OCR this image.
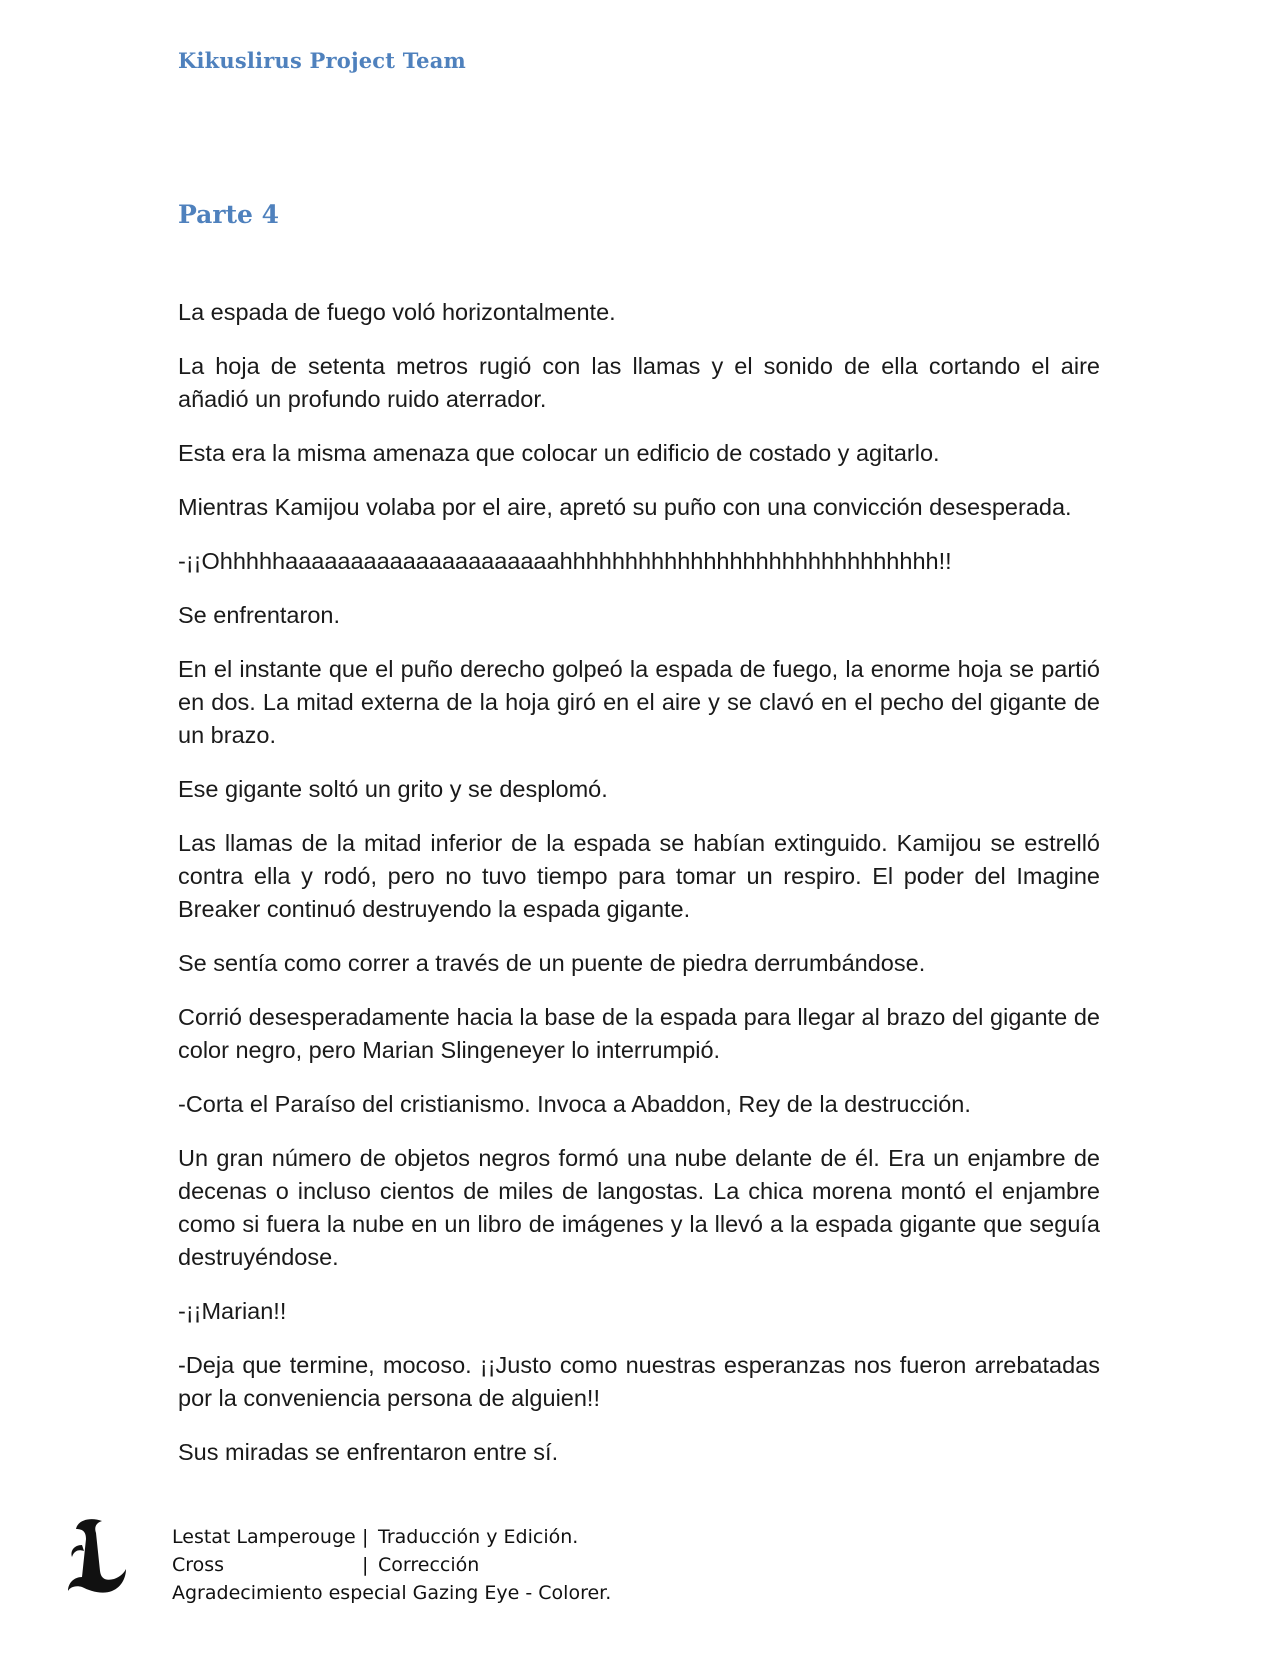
Kikuslirus Project Team
Parte 4

La espada de fuego voló horizontalmente.

La hoja de setenta metros rugió con las llamas y el sonido de ella cortando el aire añadió un profundo ruido aterrador.

Esta era la misma amenaza que colocar un edificio de costado y agitarlo.

Mientras Kamijou volaba por el aire, apretó su puño con una convicción desesperada.

-¡¡Ohhhhhaaaaaaaaaaaaaaaaaaaaahhhhhhhhhhhhhhhhhhhhhhhhhhhhh!!

Se enfrentaron.

En el instante que el puño derecho golpeó la espada de fuego, la enorme hoja se partió en dos. La mitad externa de la hoja giró en el aire y se clavó en el pecho del gigante de un brazo.

Ese gigante soltó un grito y se desplomó.

Las llamas de la mitad inferior de la espada se habían extinguido. Kamijou se estrelló contra ella y rodó, pero no tuvo tiempo para tomar un respiro. El poder del Imagine Breaker continuó destruyendo la espada gigante.

Se sentía como correr a través de un puente de piedra derrumbándose.

Corrió desesperadamente hacia la base de la espada para llegar al brazo del gigante de color negro, pero Marian Slingeneyer lo interrumpió.

-Corta el Paraíso del cristianismo. Invoca a Abaddon, Rey de la destrucción.

Un gran número de objetos negros formó una nube delante de él. Era un enjambre de decenas o incluso cientos de miles de langostas. La chica morena montó el enjambre como si fuera la nube en un libro de imágenes y la llevó a la espada gigante que seguía destruyéndose.

-¡¡Marian!!

-Deja que termine, mocoso. ¡¡Justo como nuestras esperanzas nos fueron arrebatadas por la conveniencia persona de alguien!!

Sus miradas se enfrentaron entre sí.

Lestat Lamperouge | Traducción y Edición.
Cross	| Corrección
Agradecimiento especial Gazing Eye - Colorer.
